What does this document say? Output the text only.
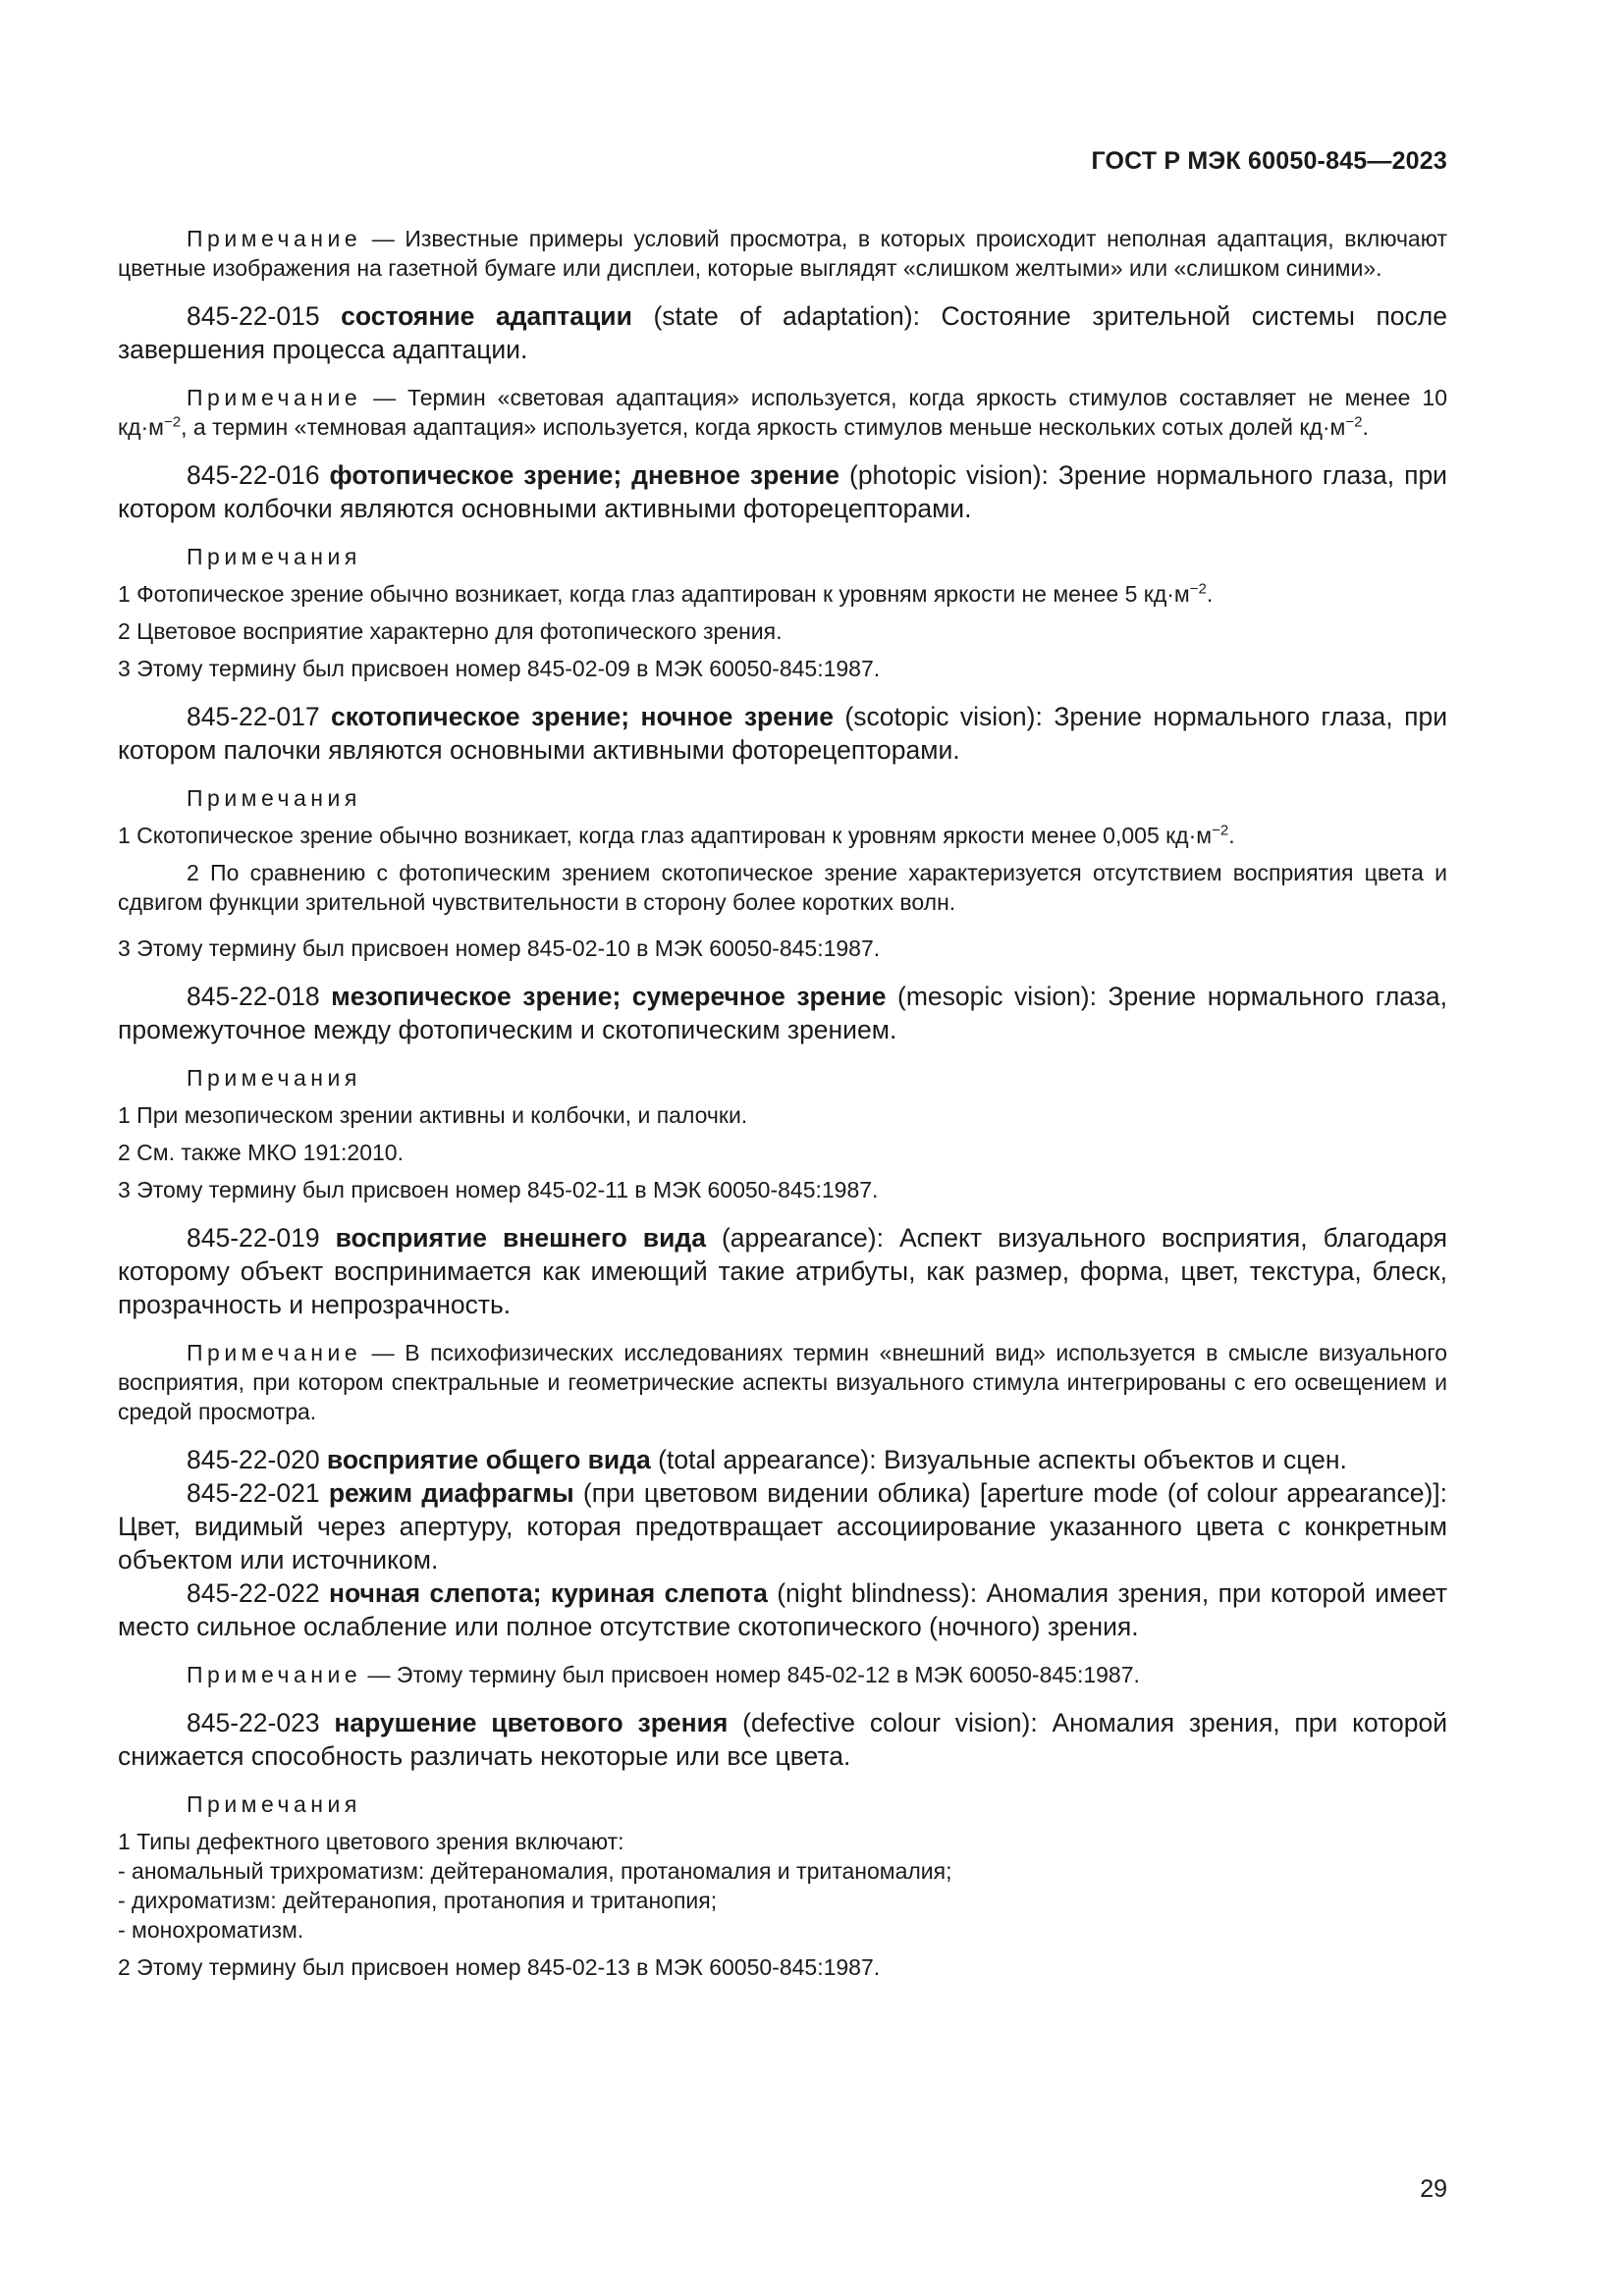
ГОСТ Р МЭК 60050-845—2023

Примечание — Известные примеры условий просмотра, в которых происходит неполная адаптация, включают цветные изображения на газетной бумаге или дисплеи, которые выглядят «слишком желтыми» или «слишком синими».

845-22-015 состояние адаптации (state of adaptation): Состояние зрительной системы после завершения процесса адаптации.

Примечание — Термин «световая адаптация» используется, когда яркость стимулов составляет не менее 10 $кд\cdot м^{-2}$, а термин «темновая адаптация» используется, когда яркость стимулов меньше нескольких сотых долей $кд\cdot м^{-2}$.

845-22-016 фотопическое зрение; дневное зрение (photopic vision): Зрение нормального глаза, при котором колбочки являются основными активными фоторецепторами.

Примечания

1 Фотопическое зрение обычно возникает, когда глаз адаптирован к уровням яркости не менее 5 $кд\cdot м^{-2}$.

2 Цветовое восприятие характерно для фотопического зрения.

3 Этому термину был присвоен номер 845-02-09 в МЭК 60050-845:1987.

845-22-017 скотопическое зрение; ночное зрение (scotopic vision): Зрение нормального глаза, при котором палочки являются основными активными фоторецепторами.

Примечания

1 Скотопическое зрение обычно возникает, когда глаз адаптирован к уровням яркости менее 0,005 $кд\cdot м^{-2}$.

2 По сравнению с фотопическим зрением скотопическое зрение характеризуется отсутствием восприятия цвета и сдвигом функции зрительной чувствительности в сторону более коротких волн.

3 Этому термину был присвоен номер 845-02-10 в МЭК 60050-845:1987.

845-22-018 мезопическое зрение; сумеречное зрение (mesopic vision): Зрение нормального глаза, промежуточное между фотопическим и скотопическим зрением.

Примечания

1 При мезопическом зрении активны и колбочки, и палочки.

2 См. также МКО 191:2010.

3 Этому термину был присвоен номер 845-02-11 в МЭК 60050-845:1987.

845-22-019 восприятие внешнего вида (appearance): Аспект визуального восприятия, благодаря которому объект воспринимается как имеющий такие атрибуты, как размер, форма, цвет, текстура, блеск, прозрачность и непрозрачность.

Примечание — В психофизических исследованиях термин «внешний вид» используется в смысле визуального восприятия, при котором спектральные и геометрические аспекты визуального стимула интегрированы с его освещением и средой просмотра.

845-22-020 восприятие общего вида (total appearance): Визуальные аспекты объектов и сцен.

845-22-021 режим диафрагмы (при цветовом видении облика) [aperture mode (of colour appearance)]: Цвет, видимый через апертуру, которая предотвращает ассоциирование указанного цвета с конкретным объектом или источником.

845-22-022 ночная слепота; куриная слепота (night blindness): Аномалия зрения, при которой имеет место сильное ослабление или полное отсутствие скотопического (ночного) зрения.

Примечание — Этому термину был присвоен номер 845-02-12 в МЭК 60050-845:1987.

845-22-023 нарушение цветового зрения (defective colour vision): Аномалия зрения, при которой снижается способность различать некоторые или все цвета.

Примечания

1 Типы дефектного цветового зрения включают:

- аномальный трихроматизм: дейтераномалия, протаномалия и тританомалия;
- дихроматизм: дейтеранопия, протанопия и тританопия;
- монохроматизм.

2 Этому термину был присвоен номер 845-02-13 в МЭК 60050-845:1987.

29
